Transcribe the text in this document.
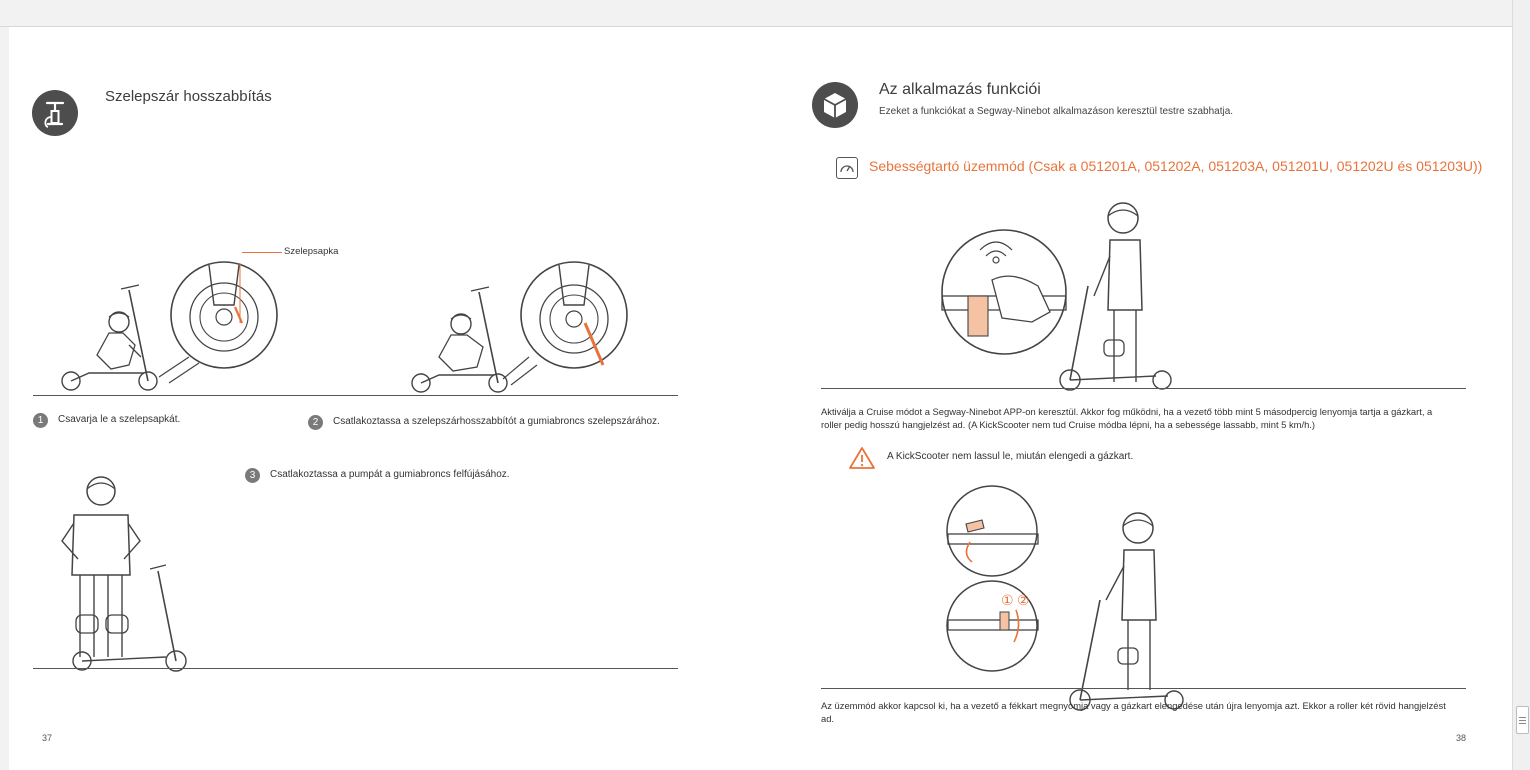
Szelepszár hosszabbítás
Szelepsapka
1	Csavarja le a szelepsapkát.	2	Csatlakoztassa a szelepszárhosszabbítót a gumiabroncs szelepszárához.
3	Csatlakoztassa a pumpát a gumiabroncs felfújásához.
37
Az alkalmazás funkciói
Ezeket a funkciókat a Segway-Ninebot alkalmazáson keresztül testre szabhatja.
Sebességtartó üzemmód (Csak a 051201A, 051202A, 051203A, 051201U, 051202U és 051203U))
Aktiválja a Cruise módot a Segway-Ninebot APP-on keresztül. Akkor fog működni, ha a vezető több mint 5 másodpercig lenyomja tartja a gázkart, a roller pedig hosszú hangjelzést ad. (A KickScooter nem tud Cruise módba lépni, ha a sebessége lassabb, mint 5 km/h.)
A KickScooter nem lassul le, miután elengedi a gázkart.
① ②
Az üzemmód akkor kapcsol ki, ha a vezető a fékkart megnyomja vagy a gázkart elengedése után újra lenyomja azt. Ekkor a roller két rövid hangjelzést ad.
38
